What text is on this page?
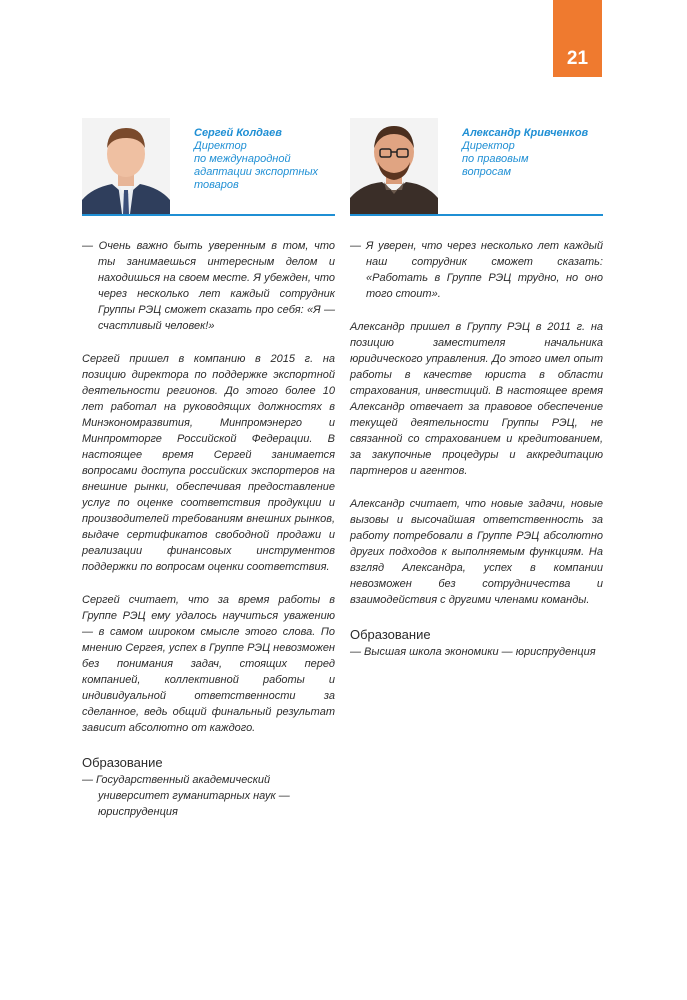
21
Сергей Колдаев
Директор
по международной
адаптации экспортных
товаров

— Очень важно быть уверенным в том, что ты занимаешься интересным делом и находишься на своем месте. Я убежден, что через несколько лет каждый сотрудник Группы РЭЦ сможет сказать про себя: «Я — счастливый человек!»

Сергей пришел в компанию в 2015 г. на позицию директора по поддержке экспортной деятельности регионов. До этого более 10 лет работал на руководящих должностях в Минэкономразвития, Минпромэнерго и Минпромторге Российской Федерации. В настоящее время Сергей занимается вопросами доступа российских экспортеров на внешние рынки, обеспечивая предоставление услуг по оценке соответствия продукции и производителей требованиям внешних рынков, выдаче сертификатов свободной продажи и реализации финансовых инструментов поддержки по вопросам оценки соответствия.

Сергей считает, что за время работы в Группе РЭЦ ему удалось научиться уважению — в самом широком смысле этого слова. По мнению Сергея, успех в Группе РЭЦ невозможен без понимания задач, стоящих перед компанией, коллективной работы и индивидуальной ответственности за сделанное, ведь общий финальный результат зависит абсолютно от каждого.

Образование

— Государственный академический университет гуманитарных наук — юриспруденция

Александр Кривченков
Директор
по правовым
вопросам

— Я уверен, что через несколько лет каждый наш сотрудник сможет сказать: «Работать в Группе РЭЦ трудно, но оно того стоит».

Александр пришел в Группу РЭЦ в 2011 г. на позицию заместителя начальника юридического управления. До этого имел опыт работы в качестве юриста в области страхования, инвестиций. В настоящее время Александр отвечает за правовое обеспечение текущей деятельности Группы РЭЦ, не связанной со страхованием и кредитованием, за закупочные процедуры и аккредитацию партнеров и агентов.

Александр считает, что новые задачи, новые вызовы и высочайшая ответственность за работу потребовали в Группе РЭЦ абсолютно других подходов к выполняемым функциям. На взгляд Александра, успех в компании невозможен без сотрудничества и взаимодействия с другими членами команды.

Образование

— Высшая школа экономики — юриспруденция
